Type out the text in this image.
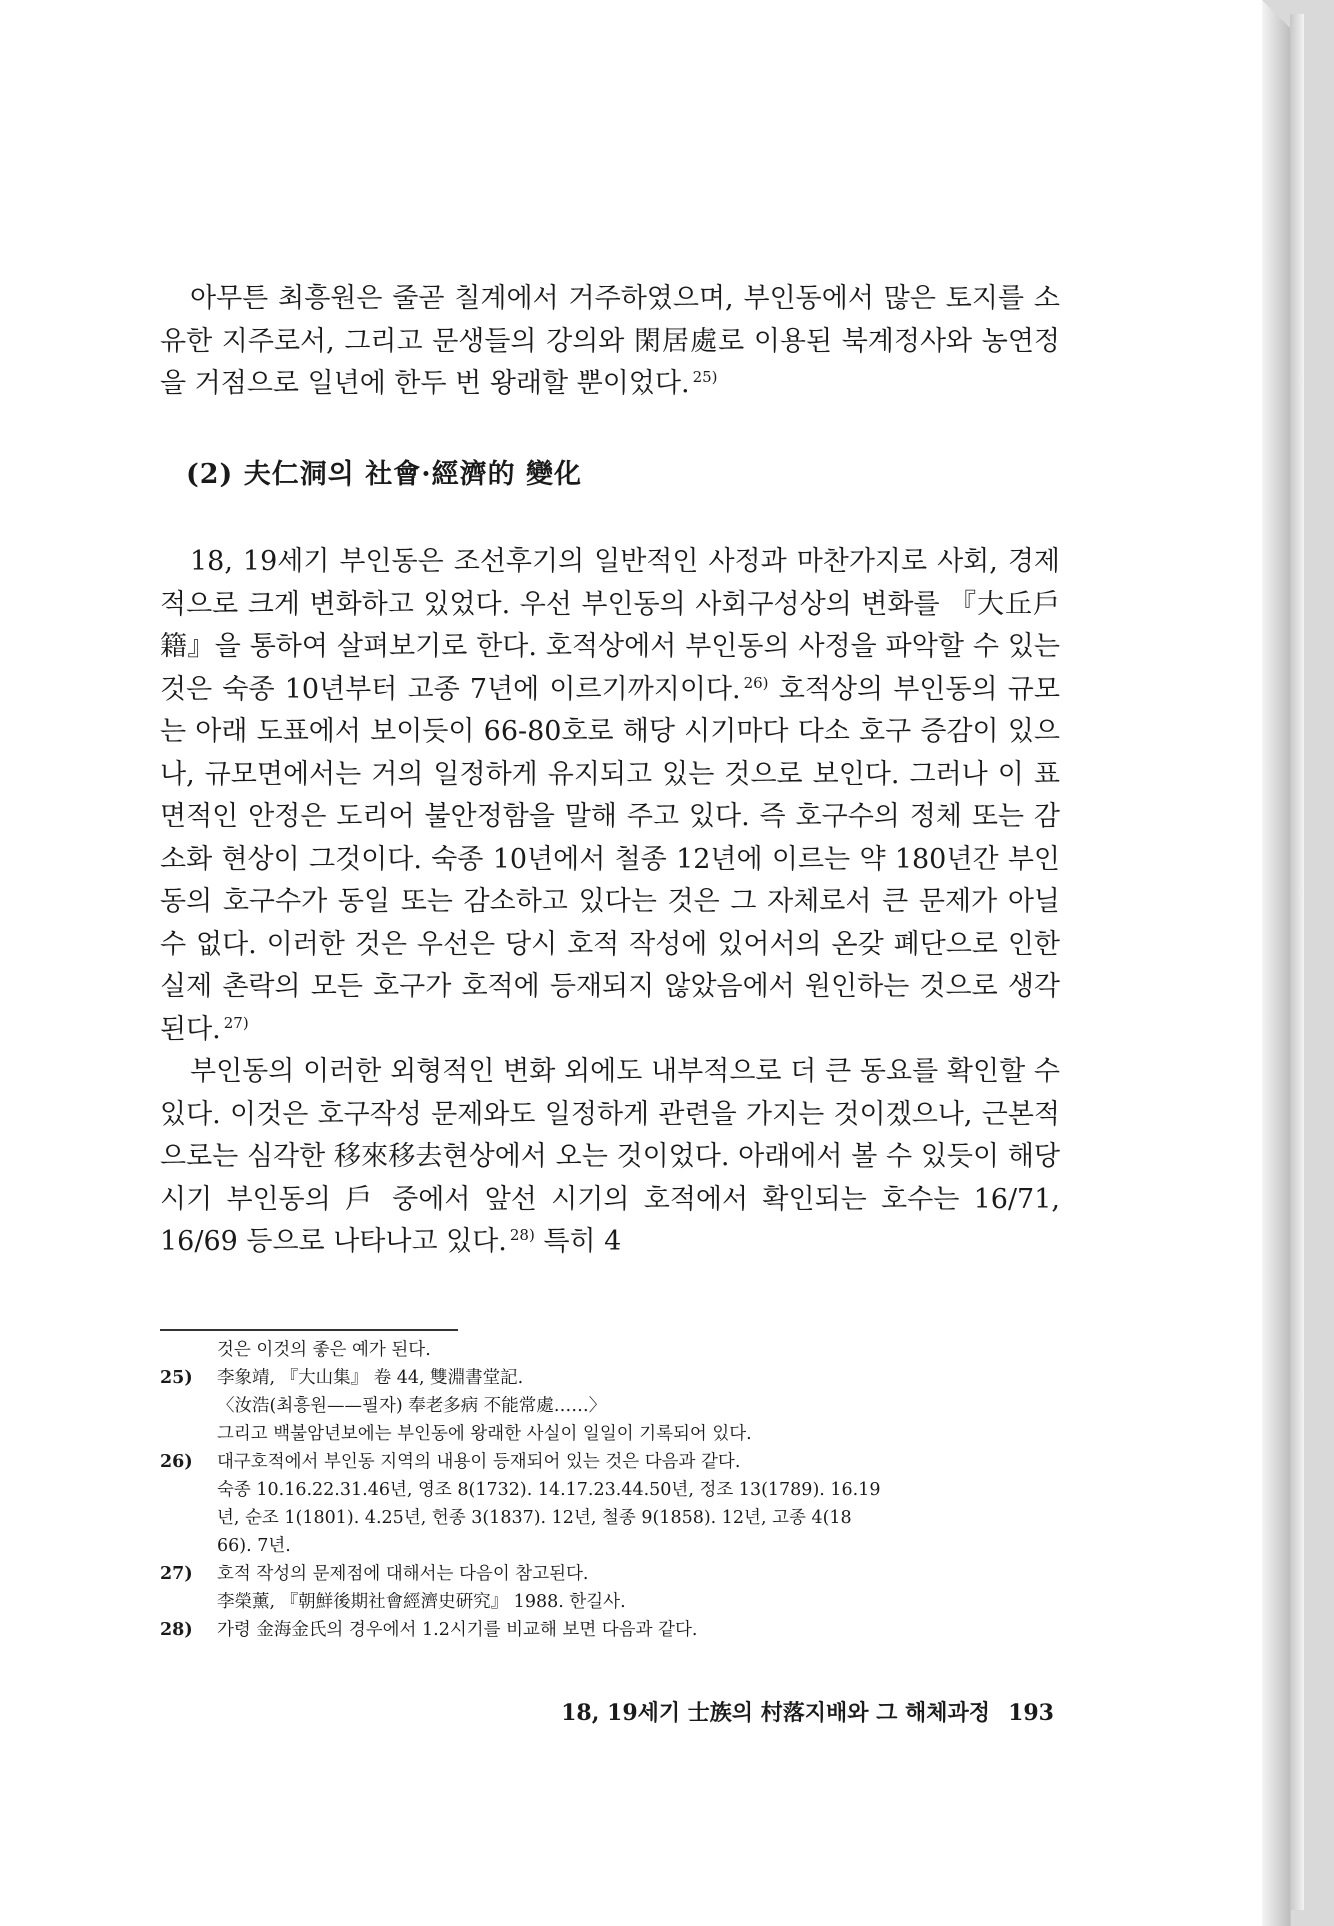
아무튼 최흥원은 줄곧 칠계에서 거주하였으며, 부인동에서 많은 토지를 소유한 지주로서, 그리고 문생들의 강의와 閑居處로 이용된 북계정사와 농연정을 거점으로 일년에 한두 번 왕래할 뿐이었다. $^{25)}$

(2) 夫仁洞의 社會·經濟的 變化

18, 19세기 부인동은 조선후기의 일반적인 사정과 마찬가지로 사회, 경제적으로 크게 변화하고 있었다. 우선 부인동의 사회구성상의 변화를 『大丘戶籍』을 통하여 살펴보기로 한다. 호적상에서 부인동의 사정을 파악할 수 있는 것은 숙종 10년부터 고종 7년에 이르기까지이다. $^{26)}$ 호적상의 부인동의 규모는 아래 도표에서 보이듯이 66-80호로 해당 시기마다 다소 호구 증감이 있으나, 규모면에서는 거의 일정하게 유지되고 있는 것으로 보인다. 그러나 이 표면적인 안정은 도리어 불안정함을 말해 주고 있다. 즉 호구수의 정체 또는 감소화 현상이 그것이다. 숙종 10년에서 철종 12년에 이르는 약 180년간 부인동의 호구수가 동일 또는 감소하고 있다는 것은 그 자체로서 큰 문제가 아닐 수 없다. 이러한 것은 우선은 당시 호적 작성에 있어서의 온갖 폐단으로 인한 실제 촌락의 모든 호구가 호적에 등재되지 않았음에서 원인하는 것으로 생각된다. $^{27)}$

부인동의 이러한 외형적인 변화 외에도 내부적으로 더 큰 동요를 확인할 수 있다. 이것은 호구작성 문제와도 일정하게 관련을 가지는 것이겠으나, 근본적으로는 심각한 移來移去현상에서 오는 것이었다. 아래에서 볼 수 있듯이 해당 시기 부인동의 戶 중에서 앞선 시기의 호적에서 확인되는 호수는 16/71, 16/69 등으로 나타나고 있다. $^{28)}$ 특히 4

것은 이것의 좋은 예가 된다.

25) 李象靖, 『大山集』 卷 44, 雙淵書堂記.

〈汝浩(최흥원——필자) 奉老多病 不能常處……〉

그리고 백불암년보에는 부인동에 왕래한 사실이 일일이 기록되어 있다.

26) 대구호적에서 부인동 지역의 내용이 등재되어 있는 것은 다음과 같다.

숙종 10.16.22.31.46년, 영조 8(1732). 14.17.23.44.50년, 정조 13(1789). 16.19

년, 순조 1(1801). 4.25년, 헌종 3(1837). 12년, 철종 9(1858). 12년, 고종 4(18

66). 7년.

27) 호적 작성의 문제점에 대해서는 다음이 참고된다.

李榮薰, 『朝鮮後期社會經濟史硏究』 1988. 한길사.

28) 가령 金海金氏의 경우에서 1.2시기를 비교해 보면 다음과 같다.

18, 19세기 士族의 村落지배와 그 해체과정 193
